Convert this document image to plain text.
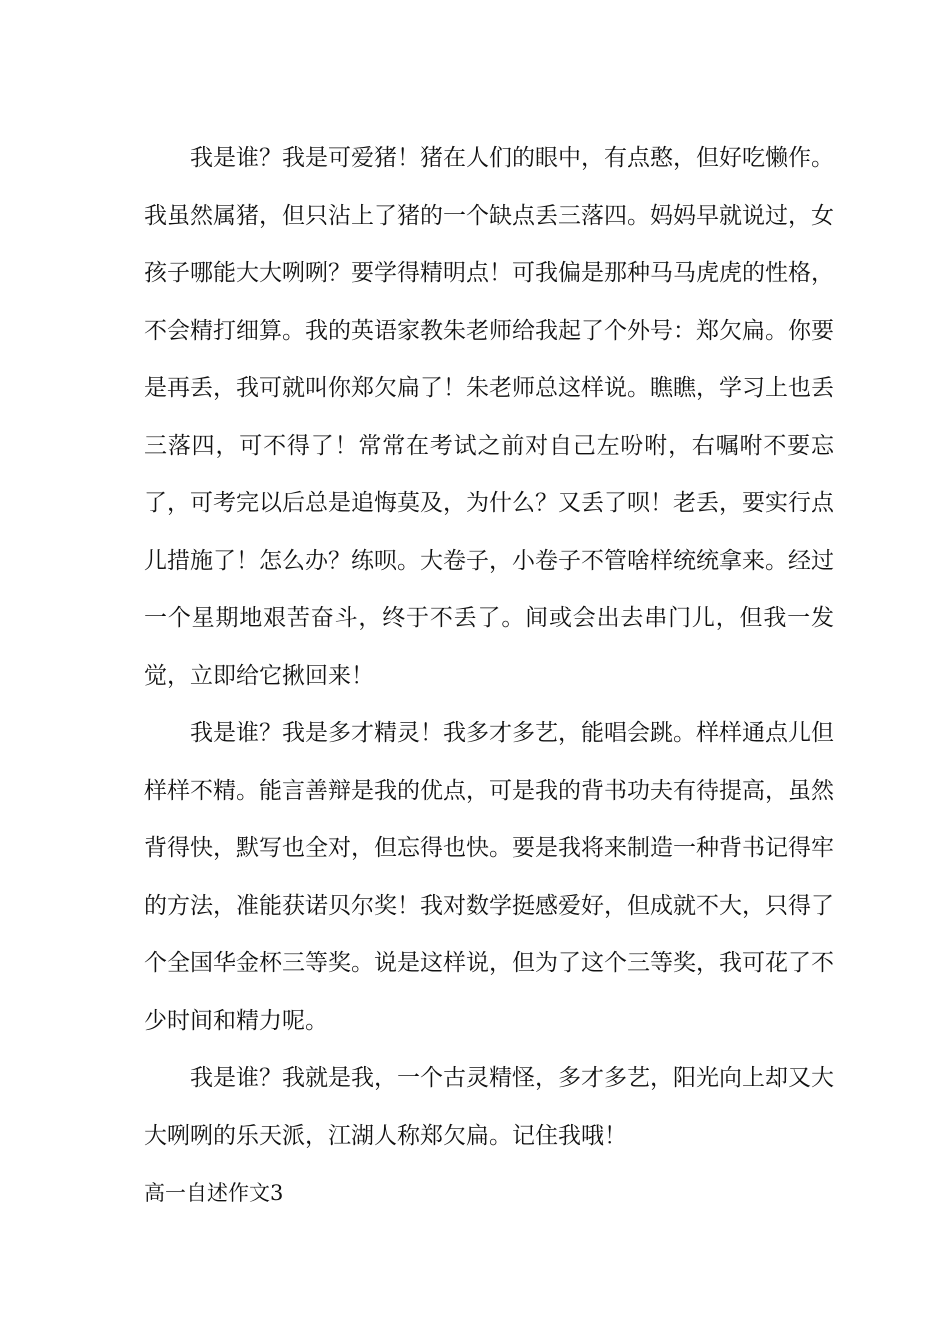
我是谁？我是可爱猪！猪在人们的眼中，有点憨，但好吃懒作。我虽然属猪，但只沾上了猪的一个缺点丢三落四。妈妈早就说过，女孩子哪能大大咧咧？要学得精明点！可我偏是那种马马虎虎的性格，不会精打细算。我的英语家教朱老师给我起了个外号：郑欠扁。你要是再丢，我可就叫你郑欠扁了！朱老师总这样说。瞧瞧，学习上也丢三落四，可不得了！常常在考试之前对自己左吩咐，右嘱咐不要忘了，可考完以后总是追悔莫及，为什么？又丢了呗！老丢，要实行点儿措施了！怎么办？练呗。大卷子，小卷子不管啥样统统拿来。经过一个星期地艰苦奋斗，终于不丢了。间或会出去串门儿，但我一发觉，立即给它揪回来！

我是谁？我是多才精灵！我多才多艺，能唱会跳。样样通点儿但样样不精。能言善辩是我的优点，可是我的背书功夫有待提高，虽然背得快，默写也全对，但忘得也快。要是我将来制造一种背书记得牢的方法，准能获诺贝尔奖！我对数学挺感爱好，但成就不大，只得了个全国华金杯三等奖。说是这样说，但为了这个三等奖，我可花了不少时间和精力呢。

我是谁？我就是我，一个古灵精怪，多才多艺，阳光向上却又大大咧咧的乐天派，江湖人称郑欠扁。记住我哦！

高一自述作文3
